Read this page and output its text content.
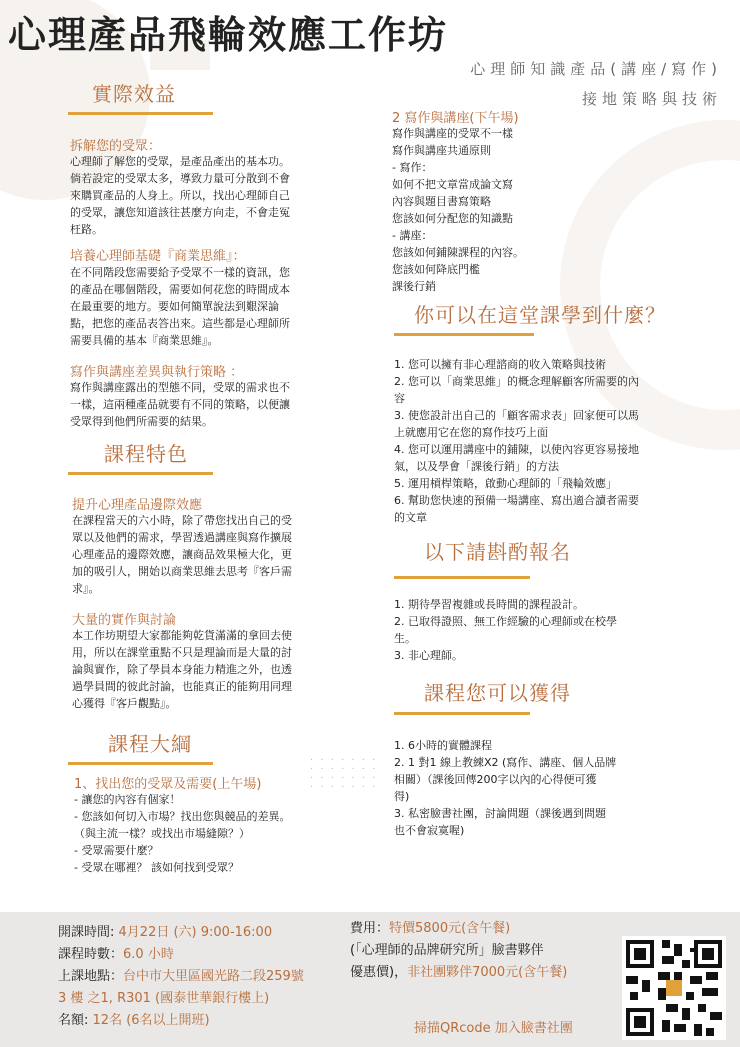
心理產品飛輪效應工作坊
心理師知識產品(講座/寫作)
接地策略與技術
實際效益
拆解您的受眾：
心理師了解您的受眾，是產品產出的基本功。
倘若設定的受眾太多，導致力量可分散到不會
來購買產品的人身上。所以，找出心理師自己
的受眾，讓您知道該往甚麼方向走，不會走冤
枉路。
培養心理師基礎『商業思維』：
在不同階段您需要給予受眾不一樣的資訊，您
的產品在哪個階段，需要如何花您的時間成本
在最重要的地方。要如何簡單說法到艱深論
點，把您的產品表答出來。這些都是心理師所
需要具備的基本『商業思維』。
寫作與講座差異與執行策略 ：
寫作與講座露出的型態不同，受眾的需求也不
一樣，這兩種產品就要有不同的策略，以便讓
受眾得到他們所需要的結果。
課程特色
提升心理產品邊際效應
在課程當天的六小時，除了帶您找出自己的受
眾以及他們的需求，學習透過講座與寫作擴展
心理產品的邊際效應，讓商品效果極大化，更
加的吸引人，開始以商業思維去思考『客戶需
求』。
大量的實作與討論
本工作坊期望大家都能夠乾貨滿滿的拿回去使
用，所以在課堂重點不只是理論而是大量的討
論與實作，除了學員本身能力精進之外，也透
過學員間的彼此討論，也能真正的能夠用同理
心獲得『客戶觀點』。
課程大綱
1、找出您的受眾及需要(上午場)
- 讓您的內容有個家！
- 您該如何切入市場？找出您與競品的差異。
（與主流一樣？或找出市場縫隙？）
- 受眾需要什麼？
- 受眾在哪裡？ 該如何找到受眾？
2 寫作與講座(下午場)
寫作與講座的受眾不一樣
寫作與講座共通原則
- 寫作：
如何不把文章當成論文寫
內容與題目書寫策略
您該如何分配您的知識點
- 講座：
您該如何鋪陳課程的內容。
您該如何降底門檻
課後行銷
你可以在這堂課學到什麼？
1. 您可以擁有非心理諮商的收入策略與技術
2. 您可以「商業思維」的概念理解顧客所需要的內
容
3. 使您設計出自己的「顧客需求表」回家便可以馬
上就應用它在您的寫作技巧上面
4. 您可以運用講座中的鋪陳，以使內容更容易接地
氣，以及學會「課後行銷」的方法
5. 運用槓桿策略，啟動心理師的「飛輪效應」
6. 幫助您快速的預備一場講座、寫出適合讀者需要
的文章
以下請斟酌報名
1. 期待學習複雜或長時間的課程設計。
2. 已取得證照、無工作經驗的心理師或在校學
生。
3. 非心理師。
課程您可以獲得
· · · · · · ·
· · · · · · ·
· · · · · · ·
· · · · · · ·
1. 6小時的實體課程
2. 1 對1 線上教練X2 (寫作、講座、個人品牌
相關）（課後回傳200字以內的心得便可獲
得)
3. 私密臉書社團，討論問題（課後遇到問題
也不會寂寞喔)
開課時間: 4月22日 (六) 9:00-16:00
課程時數：6.0 小時
上課地點：台中市大里區國光路二段259號
3 樓 之1, R301 (國泰世華銀行樓上)
名額: 12名 (6名以上開班)
費用：特價5800元(含午餐)
(「心理師的品牌研究所」臉書夥伴
優惠價)，非社團夥伴7000元(含午餐)
掃描QRcode 加入臉書社團
